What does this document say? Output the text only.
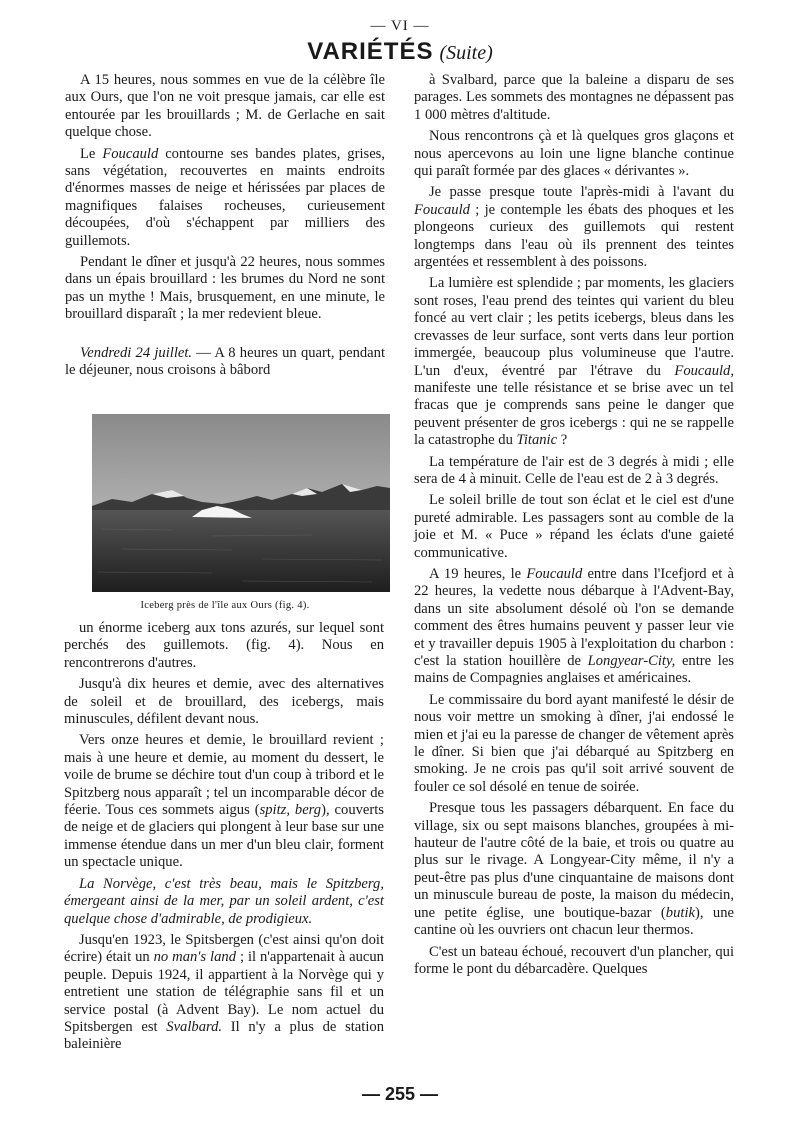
— VI —
VARIÉTÉS (Suite)

A 15 heures, nous sommes en vue de la célèbre île aux Ours, que l'on ne voit presque jamais, car elle est entourée par les brouillards ; M. de Gerlache en sait quelque chose.

Le Foucauld contourne ses bandes plates, grises, sans végétation, recouvertes en maints endroits d'énormes masses de neige et hérissées par places de magnifiques falaises rocheuses, curieusement découpées, d'où s'échappent par milliers des guillemots.

Pendant le dîner et jusqu'à 22 heures, nous sommes dans un épais brouillard : les brumes du Nord ne sont pas un mythe ! Mais, brusquement, en une minute, le brouillard disparaît ; la mer redevient bleue.

Vendredi 24 juillet. — A 8 heures un quart, pendant le déjeuner, nous croisons à bâbord

Iceberg près de l'île aux Ours (fig. 4).

un énorme iceberg aux tons azurés, sur lequel sont perchés des guillemots. (fig. 4). Nous en rencontrerons d'autres.

Jusqu'à dix heures et demie, avec des alternatives de soleil et de brouillard, des icebergs, mais minuscules, défilent devant nous.

Vers onze heures et demie, le brouillard revient ; mais à une heure et demie, au moment du dessert, le voile de brume se déchire tout d'un coup à tribord et le Spitzberg nous apparaît ; tel un incomparable décor de féerie. Tous ces sommets aigus (spitz, berg), couverts de neige et de glaciers qui plongent à leur base sur une immense étendue dans un mer d'un bleu clair, forment un spectacle unique.

La Norvège, c'est très beau, mais le Spitzberg, émergeant ainsi de la mer, par un soleil ardent, c'est quelque chose d'admirable, de prodigieux.

Jusqu'en 1923, le Spitsbergen (c'est ainsi qu'on doit écrire) était un no man's land ; il n'appartenait à aucun peuple. Depuis 1924, il appartient à la Norvège qui y entretient une station de télégraphie sans fil et un service postal (à Advent Bay). Le nom actuel du Spitsbergen est Svalbard. Il n'y a plus de station baleinière

à Svalbard, parce que la baleine a disparu de ses parages. Les sommets des montagnes ne dépassent pas 1 000 mètres d'altitude.

Nous rencontrons çà et là quelques gros glaçons et nous apercevons au loin une ligne blanche continue qui paraît formée par des glaces « dérivantes ».

Je passe presque toute l'après-midi à l'avant du Foucauld ; je contemple les ébats des phoques et les plongeons curieux des guillemots qui restent longtemps dans l'eau où ils prennent des teintes argentées et ressemblent à des poissons.

La lumière est splendide ; par moments, les glaciers sont roses, l'eau prend des teintes qui varient du bleu foncé au vert clair ; les petits icebergs, bleus dans les crevasses de leur surface, sont verts dans leur portion immergée, beaucoup plus volumineuse que l'autre. L'un d'eux, éventré par l'étrave du Foucauld, manifeste une telle résistance et se brise avec un tel fracas que je comprends sans peine le danger que peuvent présenter de gros icebergs : qui ne se rappelle la catastrophe du Titanic ?

La température de l'air est de 3 degrés à midi ; elle sera de 4 à minuit. Celle de l'eau est de 2 à 3 degrés.

Le soleil brille de tout son éclat et le ciel est d'une pureté admirable. Les passagers sont au comble de la joie et M. « Puce » répand les éclats d'une gaieté communicative.

A 19 heures, le Foucauld entre dans l'Icefjord et à 22 heures, la vedette nous débarque à l'Advent-Bay, dans un site absolument désolé où l'on se demande comment des êtres humains peuvent y passer leur vie et y travailler depuis 1905 à l'exploitation du charbon : c'est la station houillère de Longyear-City, entre les mains de Compagnies anglaises et américaines.

Le commissaire du bord ayant manifesté le désir de nous voir mettre un smoking à dîner, j'ai endossé le mien et j'ai eu la paresse de changer de vêtement après le dîner. Si bien que j'ai débarqué au Spitzberg en smoking. Je ne crois pas qu'il soit arrivé souvent de fouler ce sol désolé en tenue de soirée.

Presque tous les passagers débarquent. En face du village, six ou sept maisons blanches, groupées à mi-hauteur de l'autre côté de la baie, et trois ou quatre au plus sur le rivage. A Longyear-City même, il n'y a peut-être pas plus d'une cinquantaine de maisons dont un minuscule bureau de poste, la maison du médecin, une petite église, une boutique-bazar (butik), une cantine où les ouvriers ont chacun leur thermos.

C'est un bateau échoué, recouvert d'un plancher, qui forme le pont du débarcadère. Quelques

— 255 —
